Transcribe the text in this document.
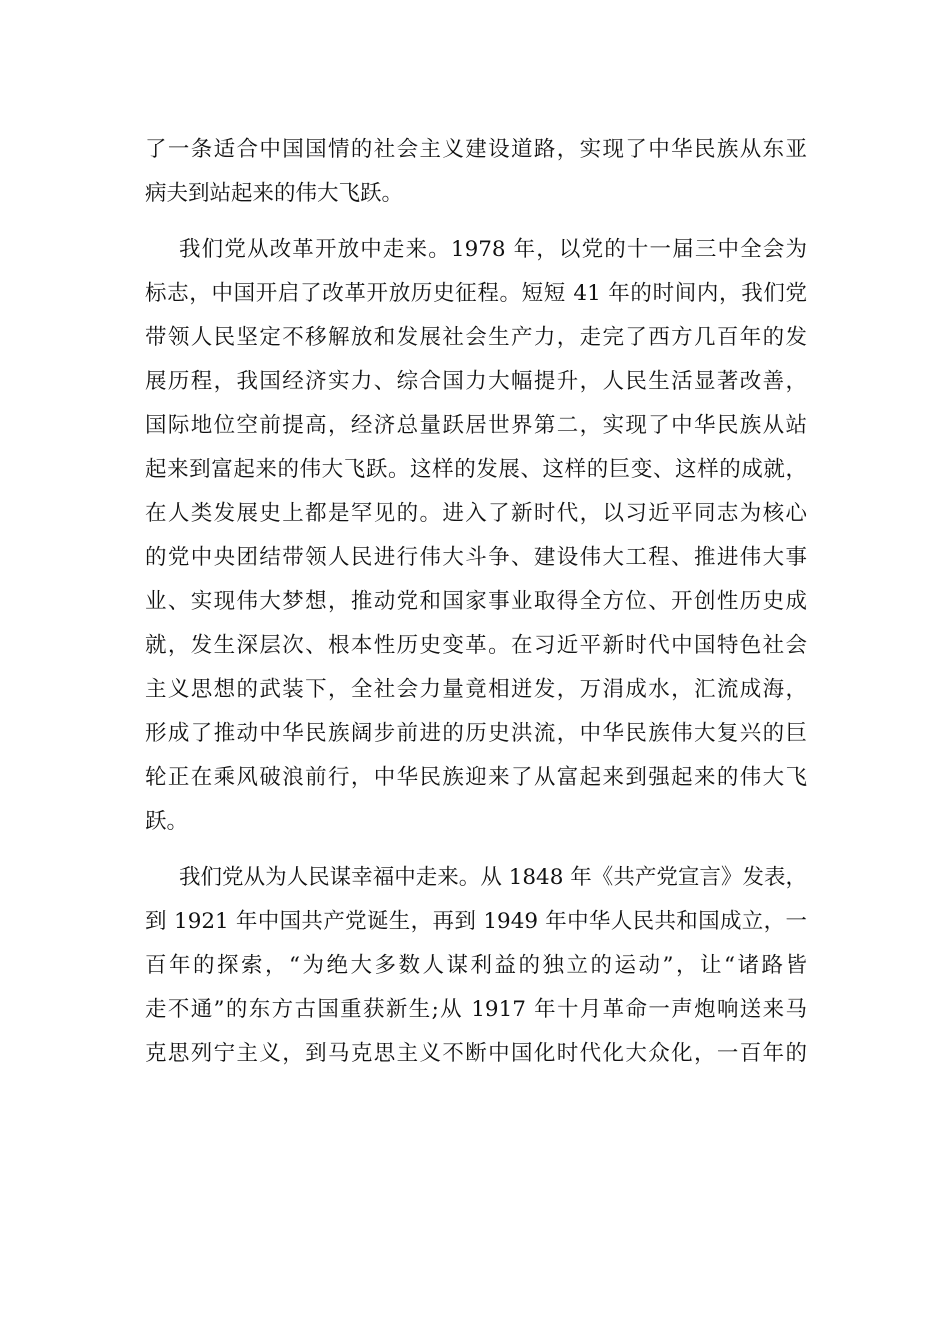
了一条适合中国国情的社会主义建设道路，实现了中华民族从东亚
病夫到站起来的伟大飞跃。
我们党从改革开放中走来。1978 年，以党的十一届三中全会为
标志，中国开启了改革开放历史征程。短短 41 年的时间内，我们党
带领人民坚定不移解放和发展社会生产力，走完了西方几百年的发
展历程，我国经济实力、综合国力大幅提升，人民生活显著改善，
国际地位空前提高，经济总量跃居世界第二，实现了中华民族从站
起来到富起来的伟大飞跃。这样的发展、这样的巨变、这样的成就，
在人类发展史上都是罕见的。进入了新时代，以习近平同志为核心
的党中央团结带领人民进行伟大斗争、建设伟大工程、推进伟大事
业、实现伟大梦想，推动党和国家事业取得全方位、开创性历史成
就，发生深层次、根本性历史变革。在习近平新时代中国特色社会
主义思想的武装下，全社会力量竟相迸发，万涓成水，汇流成海，
形成了推动中华民族阔步前进的历史洪流，中华民族伟大复兴的巨
轮正在乘风破浪前行，中华民族迎来了从富起来到强起来的伟大飞
跃。
我们党从为人民谋幸福中走来。从 1848 年《共产党宣言》发表，
到 1921 年中国共产党诞生，再到 1949 年中华人民共和国成立，一
百年的探索，“为绝大多数人谋利益的独立的运动”，让“诸路皆
走不通”的东方古国重获新生;从 1917 年十月革命一声炮响送来马
克思列宁主义，到马克思主义不断中国化时代化大众化，一百年的
